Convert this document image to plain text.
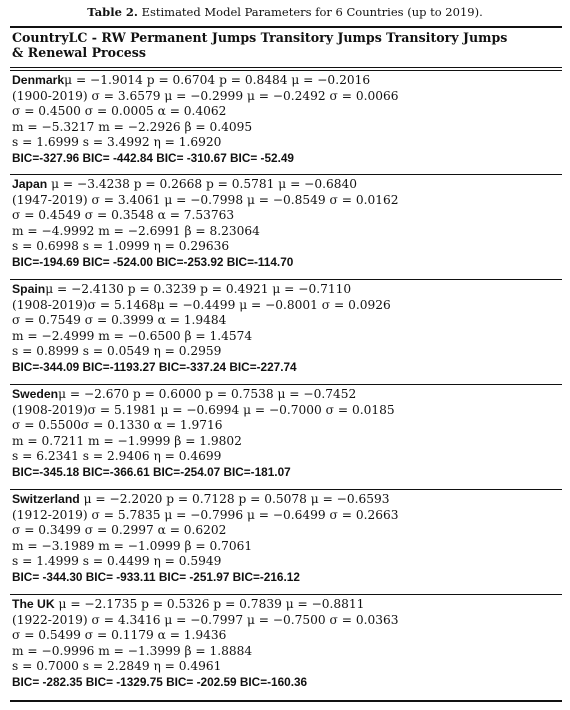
Table 2. Estimated Model Parameters for 6 Countries (up to 2019).
CountryLC - RW Permanent Jumps Transitory Jumps Transitory Jumps
& Renewal Process
Denmarkμ = −1.9014 p = 0.6704 p = 0.8484 μ = −0.2016
(1900-2019) σ = 3.6579 μ = −0.2999 μ = −0.2492 σ = 0.0066
σ = 0.4500 σ = 0.0005 α = 0.4062
m = −5.3217 m = −2.2926 β = 0.4095
s = 1.6999 s = 3.4992 η = 1.6920
BIC=-327.96 BIC= -442.84 BIC= -310.67 BIC= -52.49
Japan μ = −3.4238 p = 0.2668 p = 0.5781 μ = −0.6840
(1947-2019) σ = 3.4061 μ = −0.7998 μ = −0.8549 σ = 0.0162
σ = 0.4549 σ = 0.3548 α = 7.53763
m = −4.9992 m = −2.6991 β = 8.23064
s = 0.6998 s = 1.0999 η = 0.29636
BIC=-194.69 BIC= -524.00 BIC=-253.92 BIC=-114.70
Spainμ = −2.4130 p = 0.3239 p = 0.4921 μ = −0.7110
(1908-2019)σ = 5.1468μ = −0.4499 μ = −0.8001 σ = 0.0926
σ = 0.7549 σ = 0.3999 α = 1.9484
m = −2.4999 m = −0.6500 β = 1.4574
s = 0.8999 s = 0.0549 η = 0.2959
BIC=-344.09 BIC=-1193.27 BIC=-337.24 BIC=-227.74
Swedenμ = −2.670 p = 0.6000 p = 0.7538 μ = −0.7452
(1908-2019)σ = 5.1981 μ = −0.6994 μ = −0.7000 σ = 0.0185
σ = 0.5500σ = 0.1330 α = 1.9716
m = 0.7211 m = −1.9999 β = 1.9802
s = 6.2341 s = 2.9406 η = 0.4699
BIC=-345.18 BIC=-366.61 BIC=-254.07 BIC=-181.07
Switzerland μ = −2.2020 p = 0.7128 p = 0.5078 μ = −0.6593
(1912-2019) σ = 5.7835 μ = −0.7996 μ = −0.6499 σ = 0.2663
σ = 0.3499 σ = 0.2997 α = 0.6202
m = −3.1989 m = −1.0999 β = 0.7061
s = 1.4999 s = 0.4499 η = 0.5949
BIC= -344.30 BIC= -933.11 BIC= -251.97 BIC=-216.12
The UK μ = −2.1735 p = 0.5326 p = 0.7839 μ = −0.8811
(1922-2019) σ = 4.3416 μ = −0.7997 μ = −0.7500 σ = 0.0363
σ = 0.5499 σ = 0.1179 α = 1.9436
m = −0.9996 m = −1.3999 β = 1.8884
s = 0.7000 s = 2.2849 η = 0.4961
BIC= -282.35 BIC= -1329.75 BIC= -202.59 BIC=-160.36
